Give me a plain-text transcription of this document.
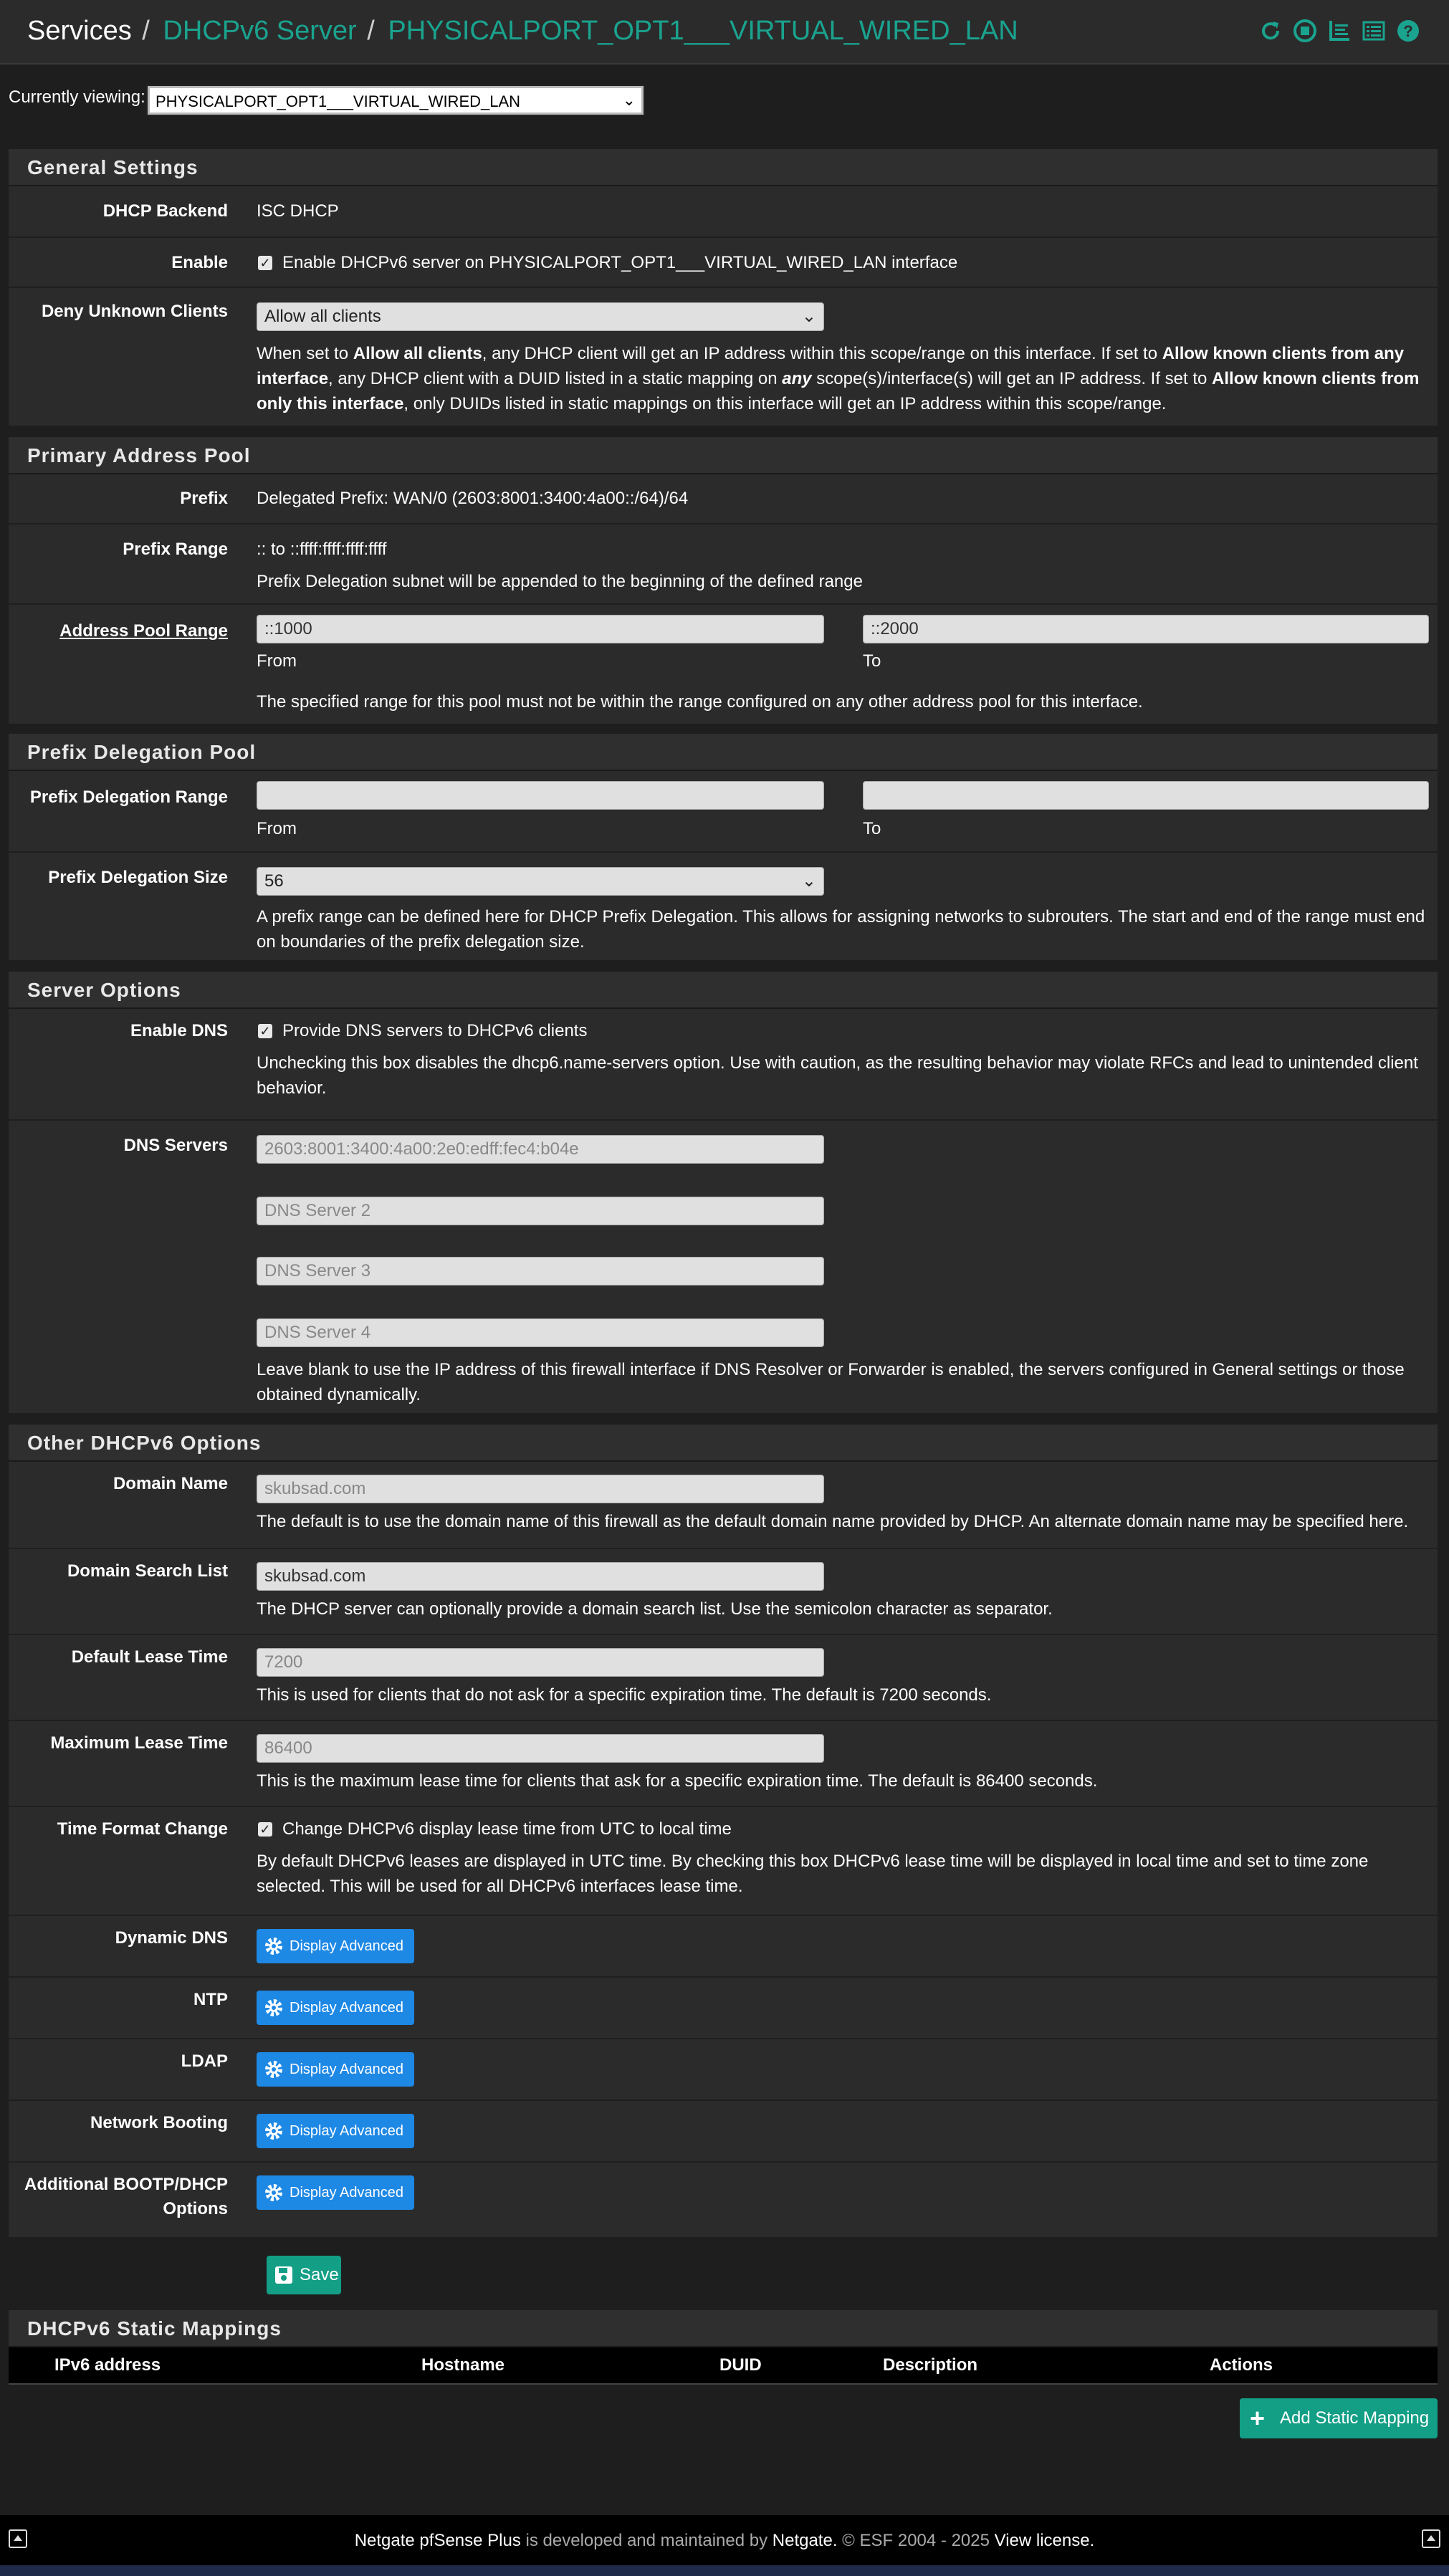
Services / DHCPv6 Server / PHYSICALPORT_OPT1___VIRTUAL_WIRED_LAN	?
Currently viewing: PHYSICALPORT_OPT1___VIRTUAL_WIRED_LAN	⌄
General Settings
DHCP Backend ISC DHCP
Enable ✓ Enable DHCPv6 server on PHYSICALPORT_OPT1___VIRTUAL_WIRED_LAN interface
Deny Unknown Clients	Allow all clients	⌄
When set to Allow all clients, any DHCP client will get an IP address within this scope/range on this interface. If set to Allow known clients from any interface, any DHCP client with a DUID listed in a static mapping on any scope(s)/interface(s) will get an IP address. If set to Allow known clients from only this interface, only DUIDs listed in static mappings on this interface will get an IP address within this scope/range.
Primary Address Pool
Prefix Delegated Prefix: WAN/0 (2603:8001:3400:4a00::/64)/64
Prefix Range :: to ::ffff:ffff:ffff:ffff
Prefix Delegation subnet will be appended to the beginning of the defined range
Address Pool Range	::1000	::2000
From	To
The specified range for this pool must not be within the range configured on any other address pool for this interface.
Prefix Delegation Pool
Prefix Delegation Range
From	To
Prefix Delegation Size	56	⌄
A prefix range can be defined here for DHCP Prefix Delegation. This allows for assigning networks to subrouters. The start and end of the range must end on boundaries of the prefix delegation size.
Server Options
Enable DNS ✓ Provide DNS servers to DHCPv6 clients
Unchecking this box disables the dhcp6.name-servers option. Use with caution, as the resulting behavior may violate RFCs and lead to unintended client behavior.
DNS Servers	2603:8001:3400:4a00:2e0:edff:fec4:b04e
DNS Server 2
DNS Server 3
DNS Server 4
Leave blank to use the IP address of this firewall interface if DNS Resolver or Forwarder is enabled, the servers configured in General settings or those obtained dynamically.
Other DHCPv6 Options
Domain Name	skubsad.com
The default is to use the domain name of this firewall as the default domain name provided by DHCP. An alternate domain name may be specified here.
Domain Search List	skubsad.com
The DHCP server can optionally provide a domain search list. Use the semicolon character as separator.
Default Lease Time	7200
This is used for clients that do not ask for a specific expiration time. The default is 7200 seconds.
Maximum Lease Time	86400
This is the maximum lease time for clients that ask for a specific expiration time. The default is 86400 seconds.
Time Format Change ✓ Change DHCPv6 display lease time from UTC to local time
By default DHCPv6 leases are displayed in UTC time. By checking this box DHCPv6 lease time will be displayed in local time and set to time zone selected. This will be used for all DHCPv6 interfaces lease time.
Dynamic DNS	Display Advanced
NTP	Display Advanced
LDAP	Display Advanced
Network Booting	Display Advanced
Additional BOOTP/DHCP Options
Display Advanced
Save
DHCPv6 Static Mappings
IPv6 address	Hostname	DUID	Description	Actions
+ Add Static Mapping
Netgate pfSense Plus is developed and maintained by Netgate. © ESF 2004 - 2025 View license.
